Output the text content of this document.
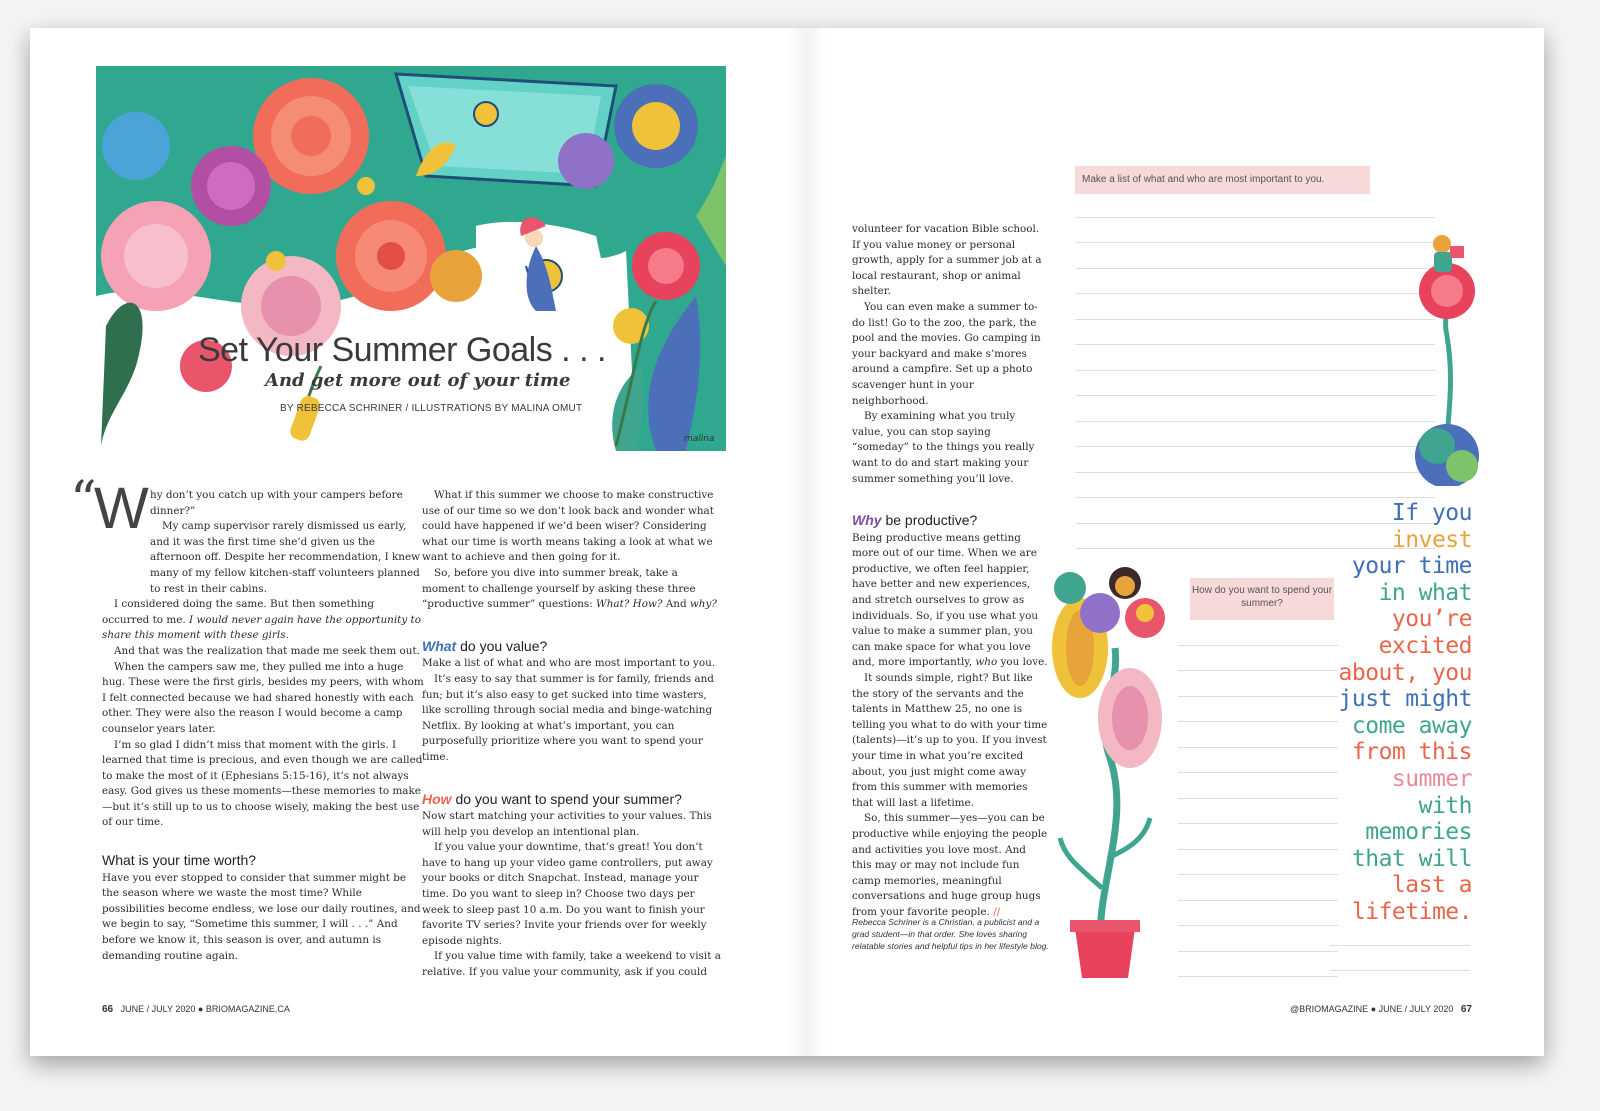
malina
Set Your Summer Goals . . .
And get more out of your time
BY REBECCA SCHRINER / ILLUSTRATIONS BY MALINA OMUT
“
W hy don’t you catch up with your campers before dinner?”

My camp supervisor rarely dismissed us early, and it was the first time she’d given us the afternoon off. Despite her recommendation, I knew many of my fellow kitchen-staff volunteers planned to rest in their cabins.

I considered doing the same. But then something occurred to me. I would never again have the opportunity to share this moment with these girls.

And that was the realization that made me seek them out.

When the campers saw me, they pulled me into a huge hug. These were the first girls, besides my peers, with whom I felt connected because we had shared honestly with each other. They were also the reason I would become a camp counselor years later.

I’m so glad I didn’t miss that moment with the girls. I learned that time is precious, and even though we are called to make the most of it (Ephesians 5:15-16), it’s not always easy. God gives us these moments—these memories to make—but it’s still up to us to choose wisely, making the best use of our time.

What is your time worth?

Have you ever stopped to consider that summer might be the season where we waste the most time? While possibilities become endless, we lose our daily routines, and we begin to say, “Sometime this summer, I will . . .” And before we know it, this season is over, and autumn is demanding routine again.

What if this summer we choose to make constructive use of our time so we don’t look back and wonder what could have happened if we’d been wiser? Considering what our time is worth means taking a look at what we want to achieve and then going for it.

So, before you dive into summer break, take a moment to challenge yourself by asking these three “productive summer” questions: What? How? And why?

What do you value?

Make a list of what and who are most important to you.

It’s easy to say that summer is for family, friends and fun; but it’s also easy to get sucked into time wasters, like scrolling through social media and binge-watching Netflix. By looking at what’s important, you can purposefully prioritize where you want to spend your time.

How do you want to spend your summer?

Now start matching your activities to your values. This will help you develop an intentional plan.

If you value your downtime, that’s great! You don’t have to hang up your video game controllers, put away your books or ditch Snapchat. Instead, manage your time. Do you want to sleep in? Choose two days per week to sleep past 10 a.m. Do you want to finish your favorite TV series? Invite your friends over for weekly episode nights.

If you value time with family, take a weekend to visit a relative. If you value your community, ask if you could

volunteer for vacation Bible school. If you value money or personal growth, apply for a summer job at a local restaurant, shop or animal shelter.

You can even make a summer to-do list! Go to the zoo, the park, the pool and the movies. Go camping in your backyard and make s’mores around a campfire. Set up a photo scavenger hunt in your neighborhood.

By examining what you truly value, you can stop saying “someday” to the things you really want to do and start making your summer something you’ll love.

Why be productive?

Being productive means getting more out of our time. When we are productive, we often feel happier, have better and new experiences, and stretch ourselves to grow as individuals. So, if you use what you value to make a summer plan, you can make space for what you love and, more importantly, who you love.

It sounds simple, right? But like the story of the servants and the talents in Matthew 25, no one is telling you what to do with your time (talents)—it’s up to you. If you invest your time in what you’re excited about, you just might come away from this summer with memories that will last a lifetime.

So, this summer—yes—you can be productive while enjoying the people and activities you love most. And this may or may not include fun camp memories, meaningful conversations and huge group hugs from your favorite people. ∕∕

Rebecca Schriner is a Christian, a publicist and a grad student—in that order. She loves sharing relatable stories and helpful tips in her lifestyle blog.
Make a list of what and who are most important to you.
How do you want to spend your summer?
If you
invest
your time
in what
you’re
excited
about, you
just might
come away
from this
summer
with
memories
that will
last a
lifetime.
66 JUNE / JULY 2020 ● BRIOMAGAZINE.CA	@BRIOMAGAZINE ● JUNE / JULY 2020 67
